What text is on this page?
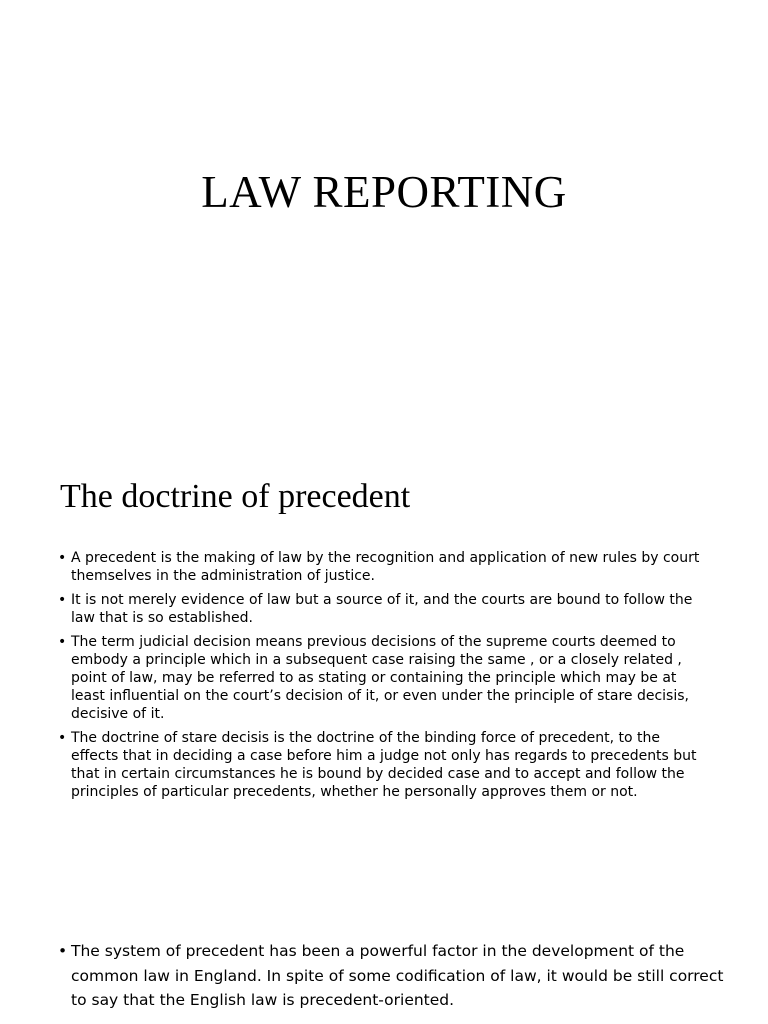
LAW REPORTING
The doctrine of precedent
• A precedent is the making of law by the recognition and application of new rules by court themselves in the administration of justice.
• It is not merely evidence of law but a source of it, and the courts are bound to follow the law that is so established.
• The term judicial decision means previous decisions of the supreme courts deemed to embody a principle which in a subsequent case raising the same , or a closely related , point of law, may be referred to as stating or containing the principle which may be at least influential on the court’s decision of it, or even under the principle of stare decisis, decisive of it.
• The doctrine of stare decisis is the doctrine of the binding force of precedent, to the effects that in deciding a case before him a judge not only has regards to precedents but that in certain circumstances he is bound by decided case and to accept and follow the principles of particular precedents, whether he personally approves them or not.
• The system of precedent has been a powerful factor in the development of the common law in England. In spite of some codification of law, it would be still correct to say that the English law is precedent-oriented.
